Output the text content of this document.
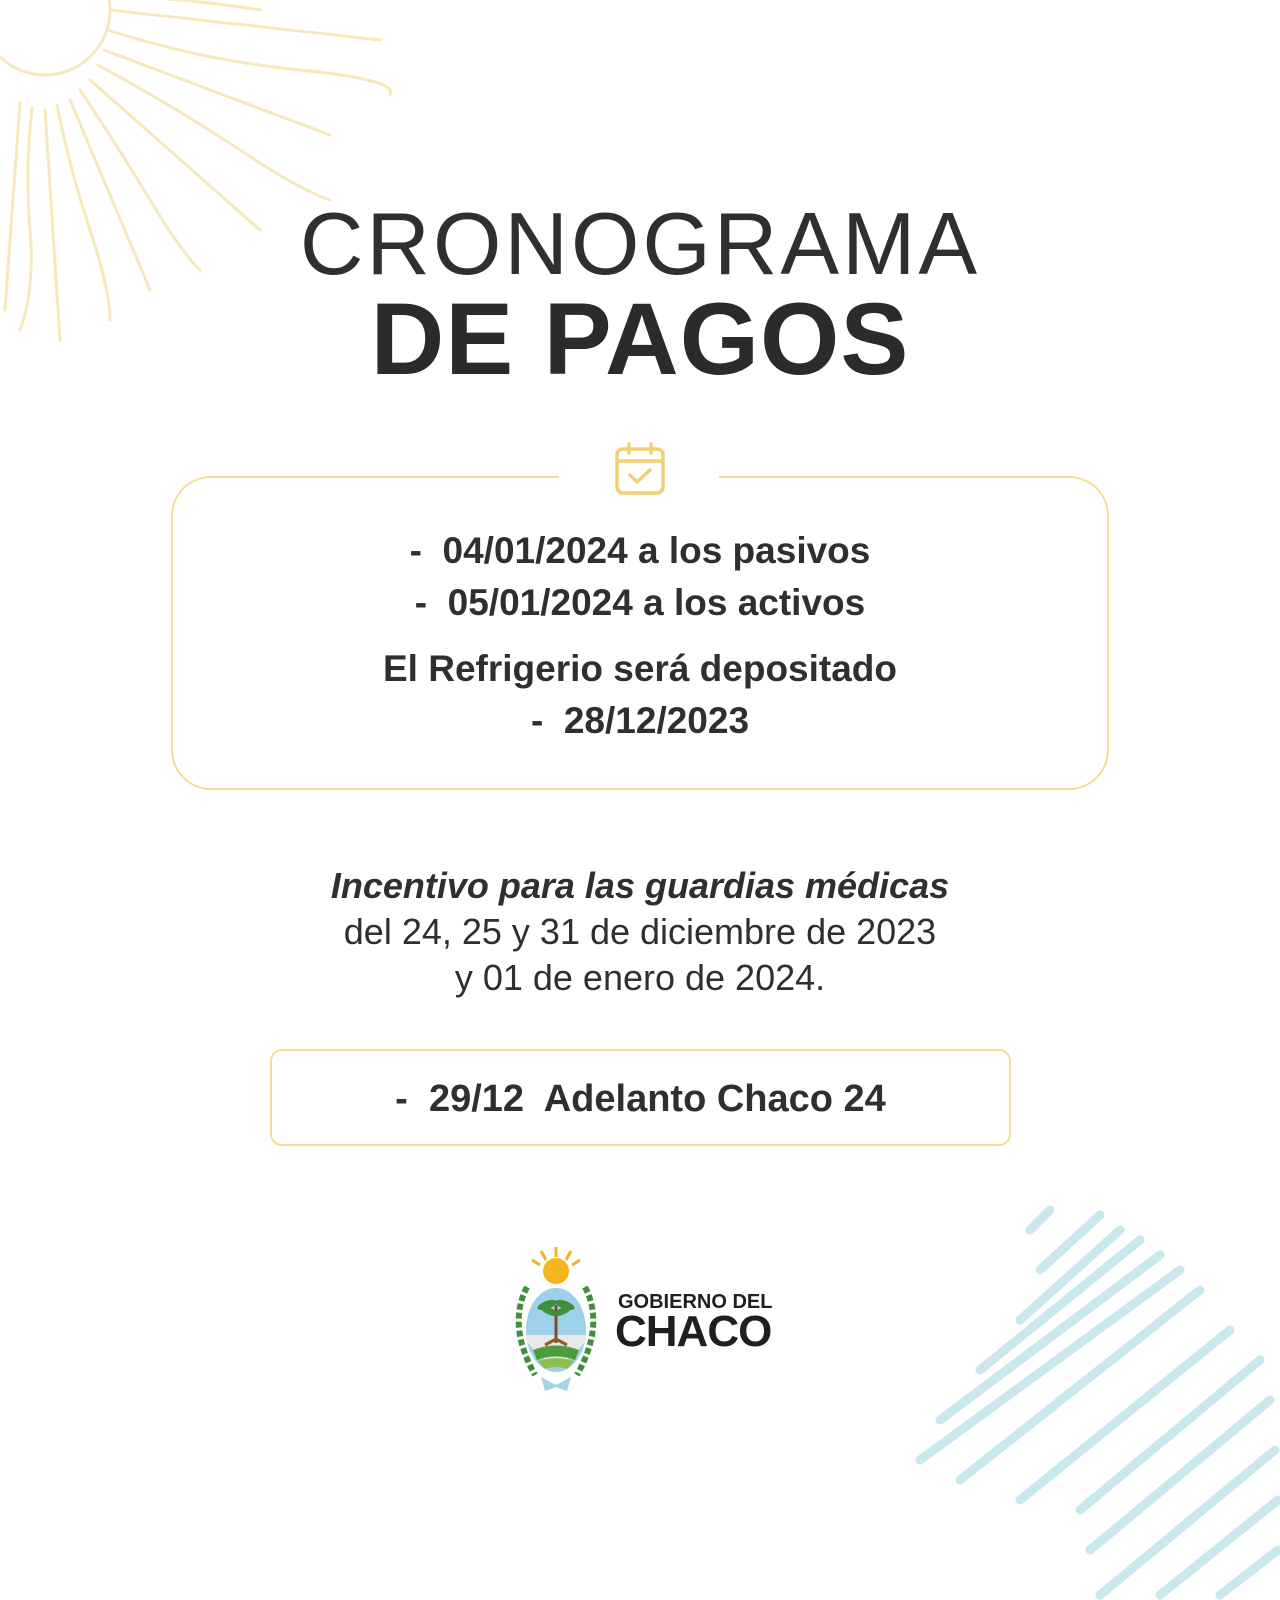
CRONOGRAMA
DE PAGOS
-  04/01/2024 a los pasivos
-  05/01/2024 a los activos
El Refrigerio será depositado
-  28/12/2023
Incentivo para las guardias médicas
del 24, 25 y 31 de diciembre de 2023
y 01 de enero de 2024.
-  29/12  Adelanto Chaco 24
GOBIERNO DEL
CHACO
